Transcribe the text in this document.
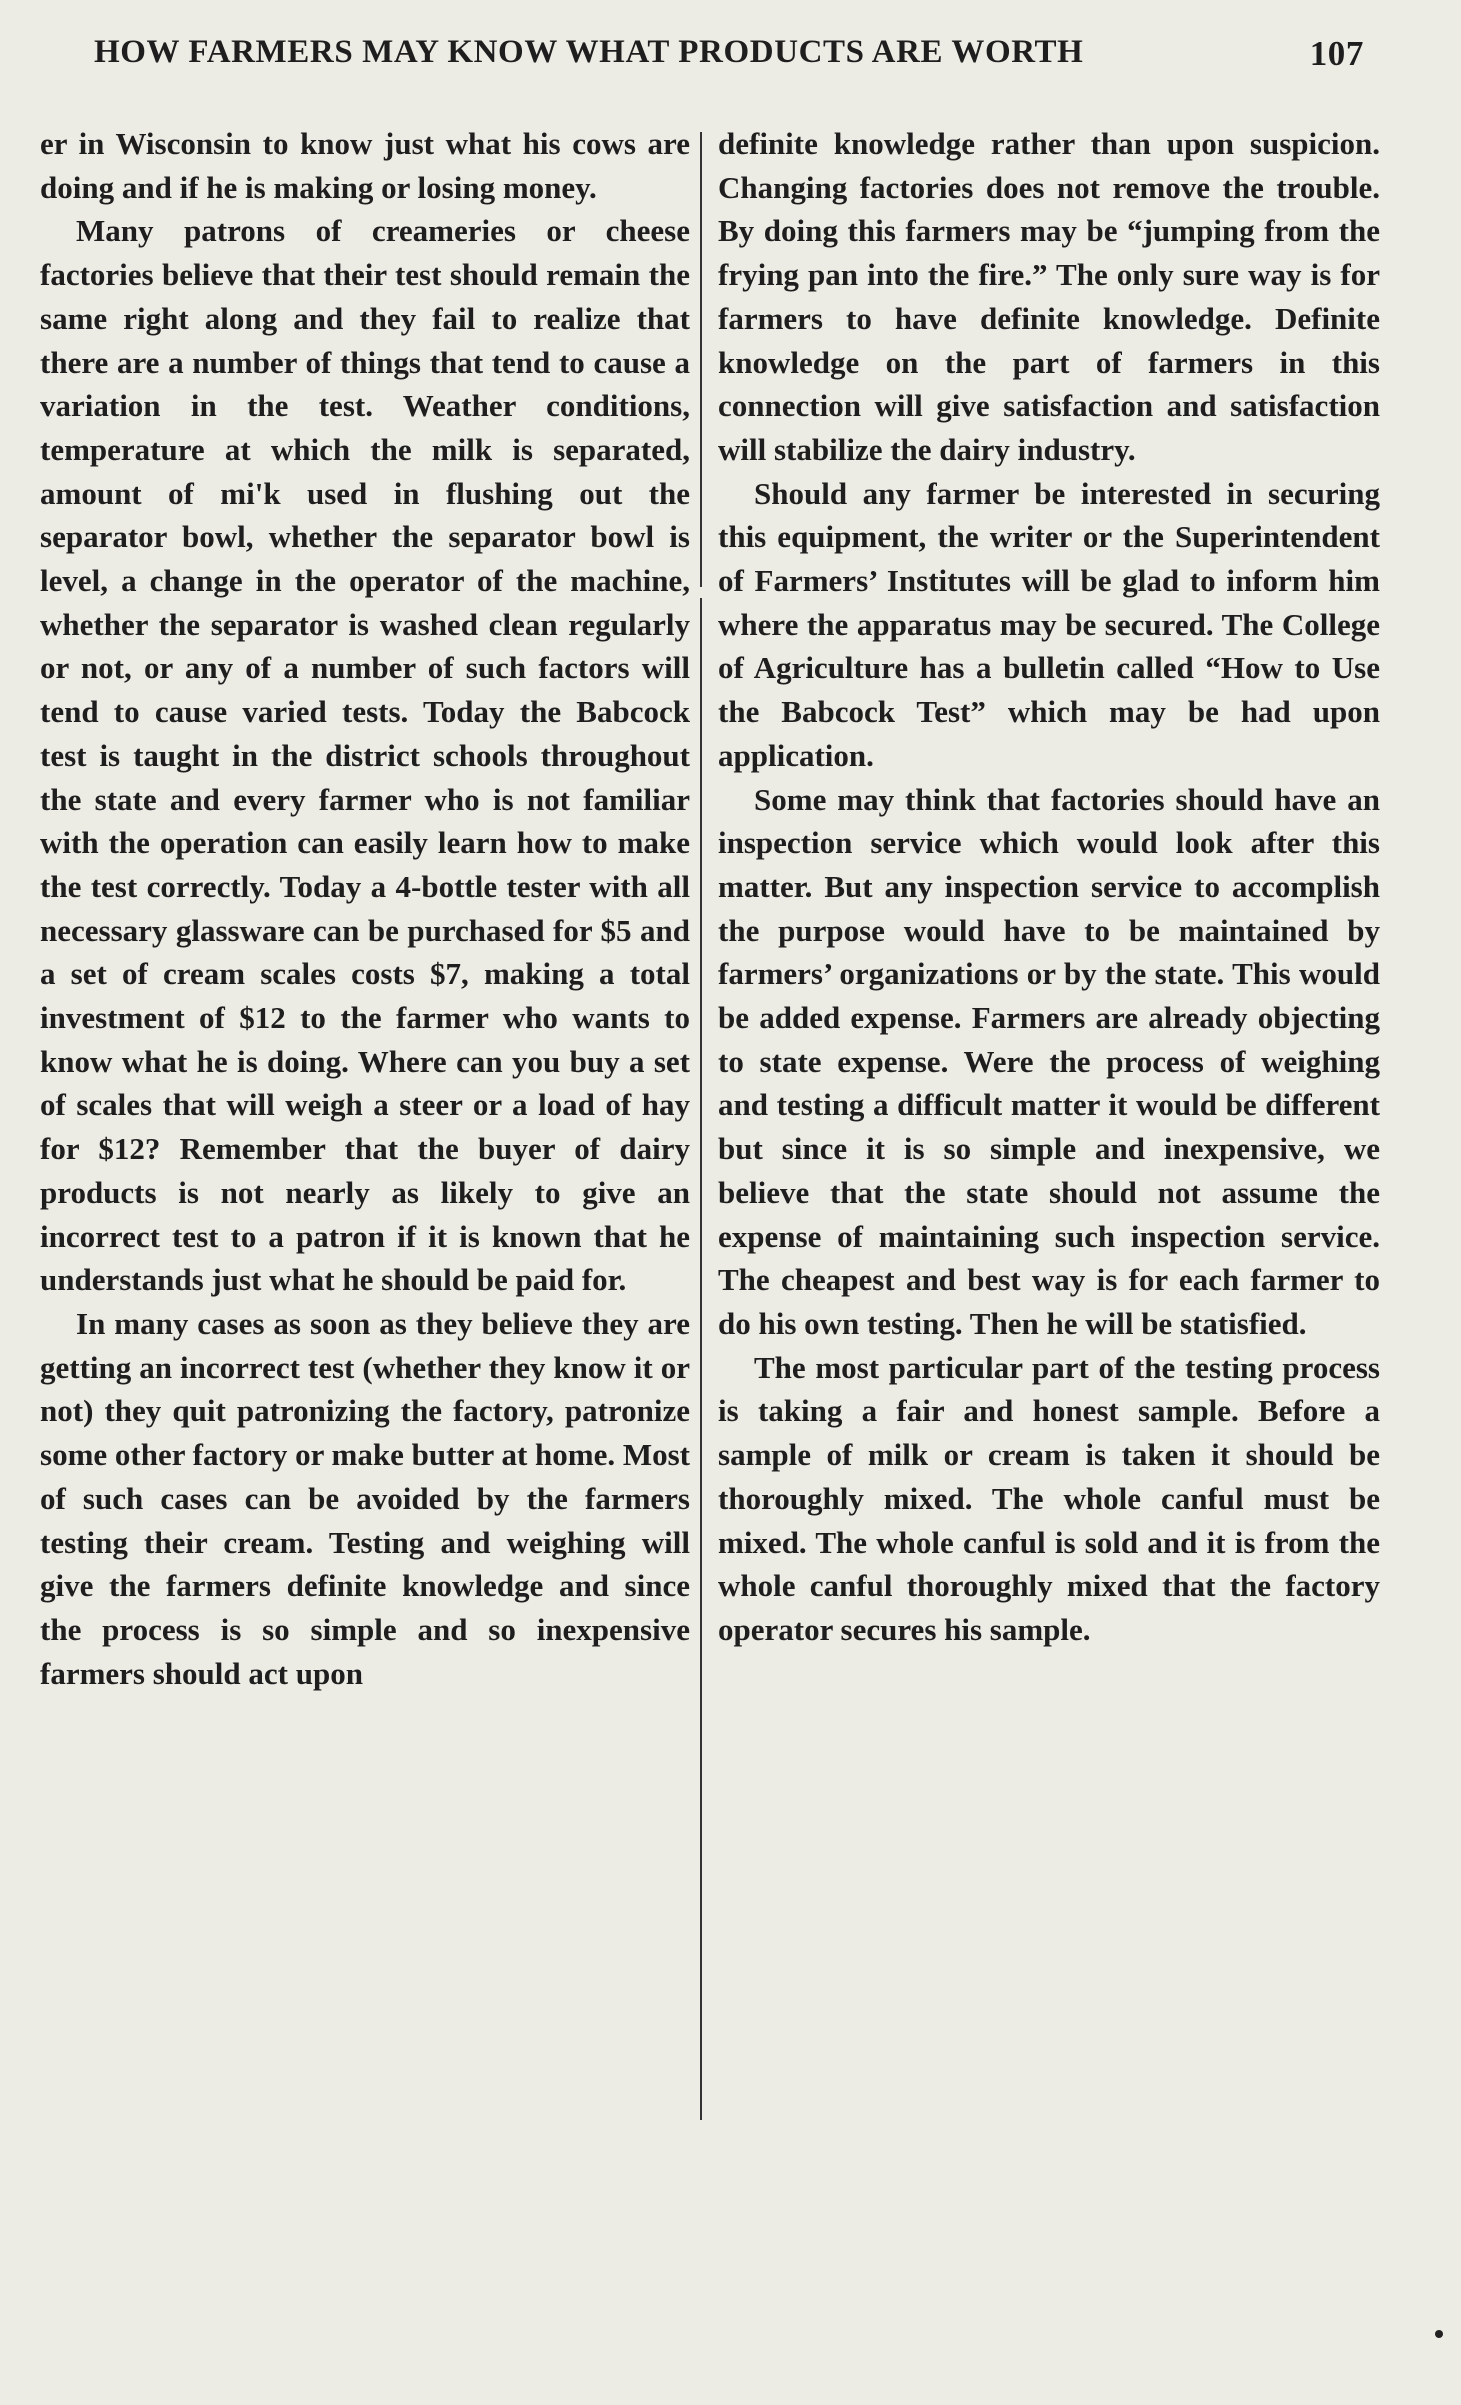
HOW FARMERS MAY KNOW WHAT PRODUCTS ARE WORTH	107

er in Wisconsin to know just what his cows are doing and if he is making or losing money.

Many patrons of creameries or cheese factories believe that their test should remain the same right along and they fail to realize that there are a number of things that tend to cause a variation in the test. Weather conditions, temperature at which the milk is separated, amount of mi'k used in flushing out the separator bowl, whether the separator bowl is level, a change in the operator of the machine, whether the separator is washed clean regularly or not, or any of a number of such factors will tend to cause varied tests. Today the Babcock test is taught in the district schools throughout the state and every farmer who is not familiar with the operation can easily learn how to make the test correctly. Today a 4-bottle tester with all necessary glassware can be purchased for $5 and a set of cream scales costs $7, making a total investment of $12 to the farmer who wants to know what he is doing. Where can you buy a set of scales that will weigh a steer or a load of hay for $12? Remember that the buyer of dairy products is not nearly as likely to give an incorrect test to a patron if it is known that he understands just what he should be paid for.

In many cases as soon as they believe they are getting an incorrect test (whether they know it or not) they quit patronizing the factory, patronize some other factory or make butter at home. Most of such cases can be avoided by the farmers testing their cream. Testing and weighing will give the farmers definite knowledge and since the process is so simple and so inexpensive farmers should act upon

definite knowledge rather than upon suspicion. Changing factories does not remove the trouble. By doing this farmers may be “jumping from the frying pan into the fire.” The only sure way is for farmers to have definite knowledge. Definite knowledge on the part of farmers in this connection will give satisfaction and satisfaction will stabilize the dairy industry.

Should any farmer be interested in securing this equipment, the writer or the Superintendent of Farmers’ Institutes will be glad to inform him where the apparatus may be secured. The College of Agriculture has a bulletin called “How to Use the Babcock Test” which may be had upon application.

Some may think that factories should have an inspection service which would look after this matter. But any inspection service to accomplish the purpose would have to be maintained by farmers’ organizations or by the state. This would be added expense. Farmers are already objecting to state expense. Were the process of weighing and testing a difficult matter it would be different but since it is so simple and inexpensive, we believe that the state should not assume the expense of maintaining such inspection service. The cheapest and best way is for each farmer to do his own testing. Then he will be statisfied.

The most particular part of the testing process is taking a fair and honest sample. Before a sample of milk or cream is taken it should be thoroughly mixed. The whole canful must be mixed. The whole canful is sold and it is from the whole canful thoroughly mixed that the factory operator secures his sample.
